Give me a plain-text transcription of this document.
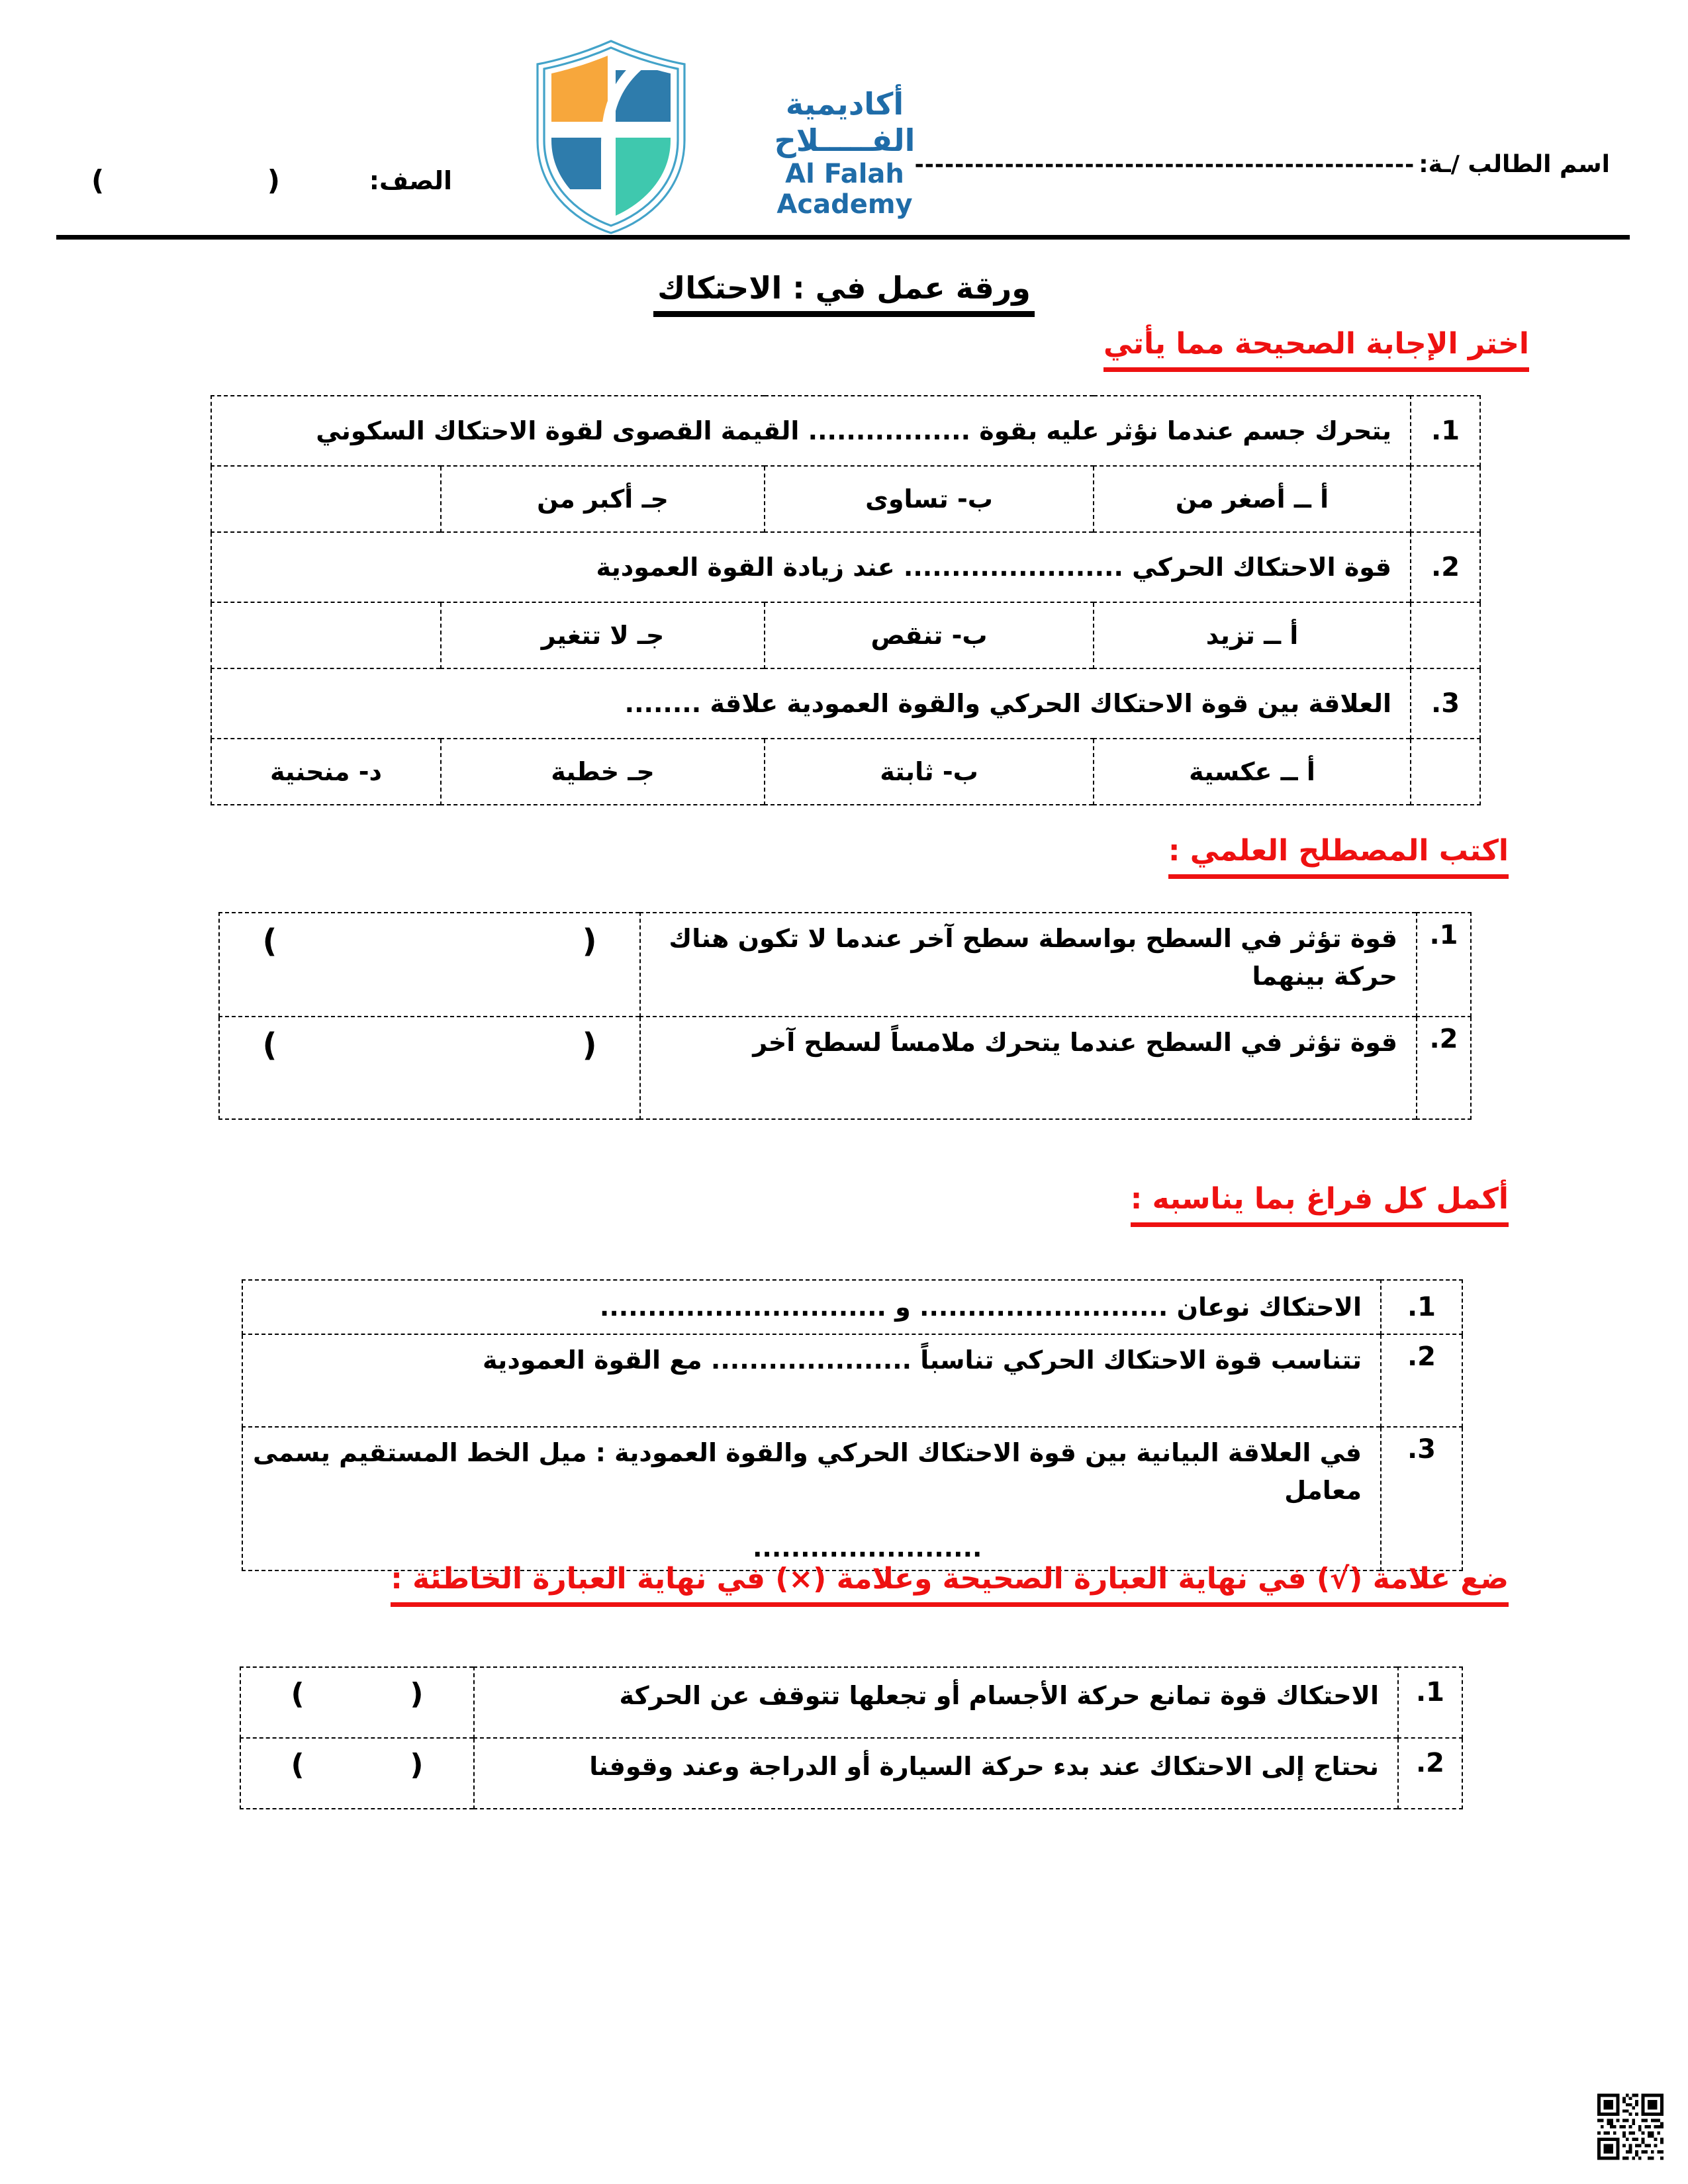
اسم الطالب /ـة:
--------------------------------------------------
الصف:
(	)
أكاديمية الفـــــلاح
Al Falah Academy
ورقة عمل في : الاحتكاك
اختر الإجابة الصحيحة مما يأتي
1.	يتحرك جسم عندما نؤثر عليه بقوة ................. القيمة القصوى لقوة الاحتكاك السكوني			
	أ ــ أصغر من	ب- تساوى	جـ أكبر من	
2.	قوة الاحتكاك الحركي ....................... عند زيادة القوة العمودية			
	أ ــ تزيد	ب- تنقص	جـ لا تتغير	
3.	العلاقة بين قوة الاحتكاك الحركي والقوة العمودية علاقة ........			
	أ ــ عكسية	ب- ثابتة	جـ خطية	د- منحنية
اكتب المصطلح العلمي :
1.	قوة تؤثر في السطح بواسطة سطح آخر عندما لا تكون هناك حركة بينهما	( )

2.	قوة تؤثر في السطح عندما يتحرك ملامساً لسطح آخر	( )
أكمل كل فراغ بما يناسبه :
1.	الاحتكاك نوعان .......................... و ..............................
2.	تتناسب قوة الاحتكاك الحركي تناسباً ..................... مع القوة العمودية
3.	في العلاقة البيانية بين قوة الاحتكاك الحركي والقوة العمودية : ميل الخط المستقيم يسمى معامل
........................
ضع علامة (√) في نهاية العبارة الصحيحة وعلامة (×) في نهاية العبارة الخاطئة :
1.	الاحتكاك قوة تمانع حركة الأجسام أو تجعلها تتوقف عن الحركة	( )

2.	نحتاج إلى الاحتكاك عند بدء حركة السيارة أو الدراجة وعند وقوفنا	( )
